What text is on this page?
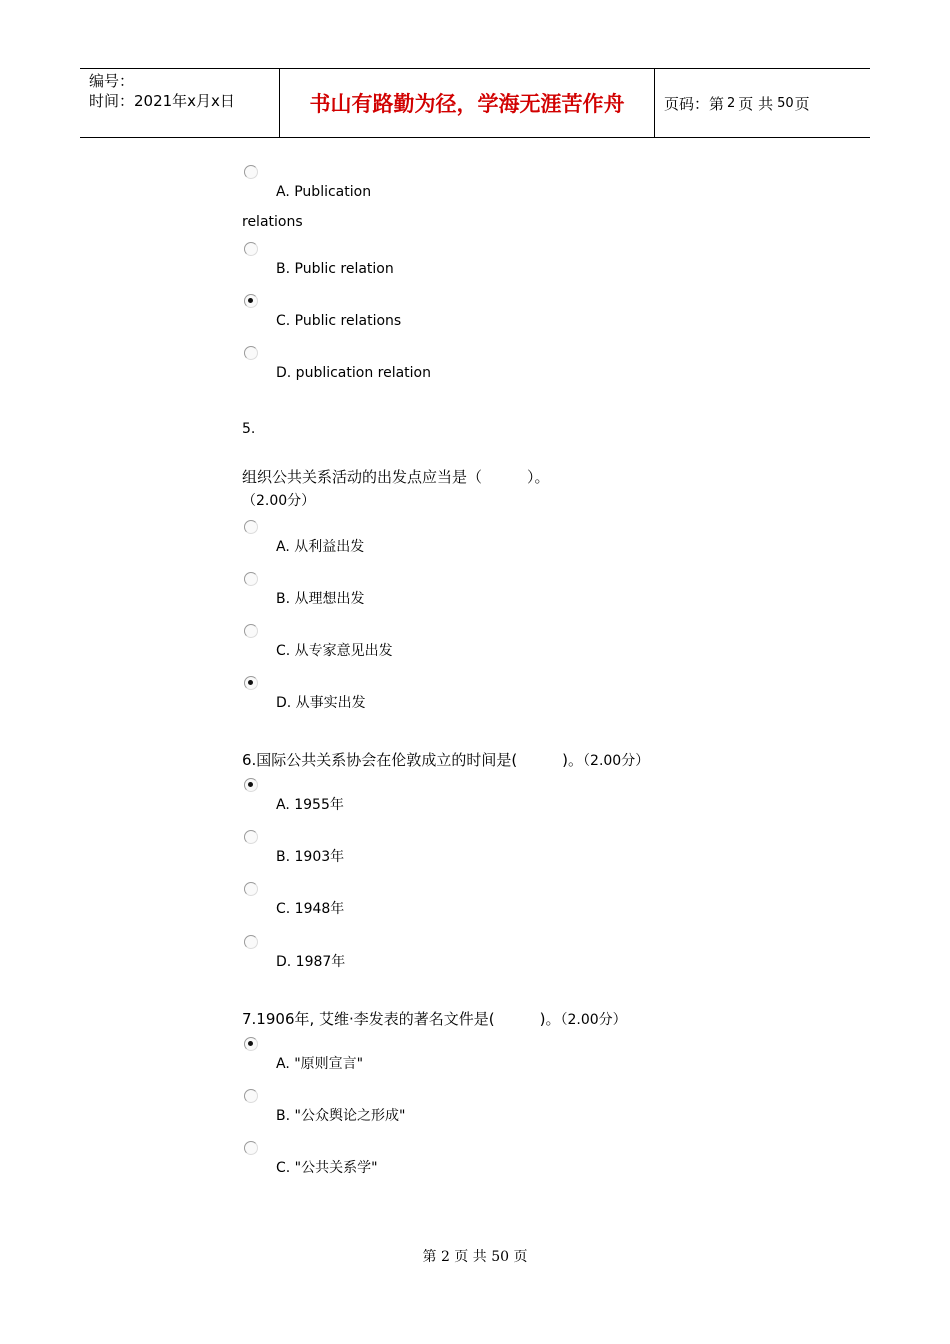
编号：
时间：2021年x月x日	书山有路勤为径，学海无涯苦作舟	页码：第 2 页 共 50 页
A. Publication
relations
B. Public relation
C. Public relations
D. publication relation
5.
组织公共关系活动的出发点应当是（　　　）。
（2.00分）
A. 从利益出发
B. 从理想出发
C. 从专家意见出发
D. 从事实出发
6.国际公共关系协会在伦敦成立的时间是(　　　)。（2.00分）
A. 1955年
B. 1903年
C. 1948年
D. 1987年
7.1906年, 艾维·李发表的著名文件是(　　　)。（2.00分）
A. "原则宣言"
B. "公众舆论之形成"
C. "公共关系学"
第 2 页 共 50 页
